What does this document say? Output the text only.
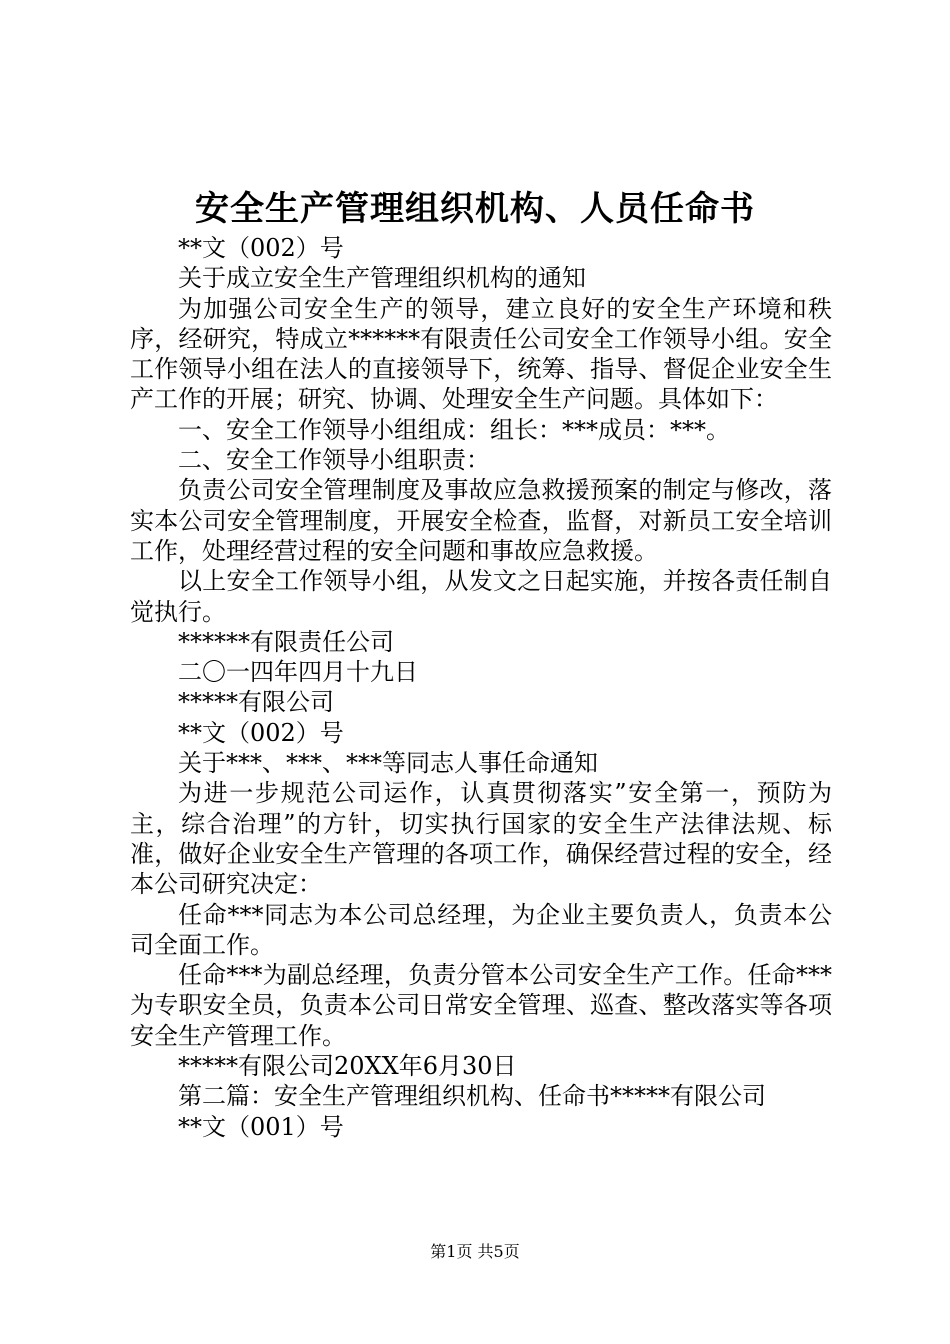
安全生产管理组织机构、人员任命书

**文（002）号

关于成立安全生产管理组织机构的通知

为加强公司安全生产的领导，建立良好的安全生产环境和秩序，经研究，特成立******有限责任公司安全工作领导小组。安全工作领导小组在法人的直接领导下，统筹、指导、督促企业安全生产工作的开展；研究、协调、处理安全生产问题。具体如下：

一、安全工作领导小组组成：组长：***成员：***。

二、安全工作领导小组职责：

负责公司安全管理制度及事故应急救援预案的制定与修改，落实本公司安全管理制度，开展安全检查，监督，对新员工安全培训工作，处理经营过程的安全问题和事故应急救援。

以上安全工作领导小组，从发文之日起实施，并按各责任制自觉执行。

******有限责任公司

二〇一四年四月十九日

*****有限公司

**文（002）号

关于***、***、***等同志人事任命通知

为进一步规范公司运作，认真贯彻落实”安全第一，预防为主，综合治理”的方针，切实执行国家的安全生产法律法规、标准，做好企业安全生产管理的各项工作，确保经营过程的安全，经本公司研究决定：

任命***同志为本公司总经理，为企业主要负责人，负责本公司全面工作。

任命***为副总经理，负责分管本公司安全生产工作。任命***为专职安全员，负责本公司日常安全管理、巡查、整改落实等各项安全生产管理工作。

*****有限公司20XX年6月30日

第二篇：安全生产管理组织机构、任命书*****有限公司

**文（001）号

第1页 共5页
